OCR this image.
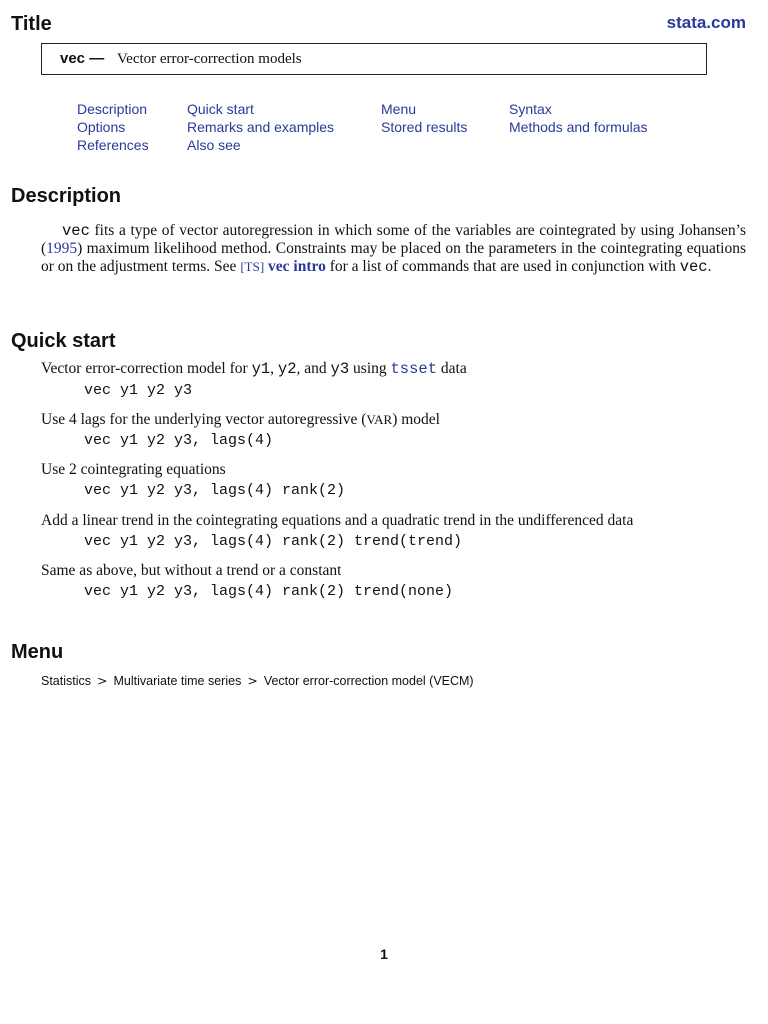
Title	stata.com
vec — Vector error-correction models
Description
Options
References
Quick start
Remarks and examples
Also see
Menu
Stored results
Syntax
Methods and formulas
Description

vec fits a type of vector autoregression in which some of the variables are cointegrated by using Johansen’s (1995) maximum likelihood method. Constraints may be placed on the parameters in the cointegrating equations or on the adjustment terms. See [TS] vec intro for a list of commands that are used in conjunction with vec.

Quick start
Vector error-correction model for y1, y2, and y3 using tsset data
vec y1 y2 y3
Use 4 lags for the underlying vector autoregressive (VAR) model
vec y1 y2 y3, lags(4)
Use 2 cointegrating equations
vec y1 y2 y3, lags(4) rank(2)
Add a linear trend in the cointegrating equations and a quadratic trend in the undifferenced data
vec y1 y2 y3, lags(4) rank(2) trend(trend)
Same as above, but without a trend or a constant
vec y1 y2 y3, lags(4) rank(2) trend(none)
Menu
Statistics > Multivariate time series > Vector error-correction model (VECM)
1
